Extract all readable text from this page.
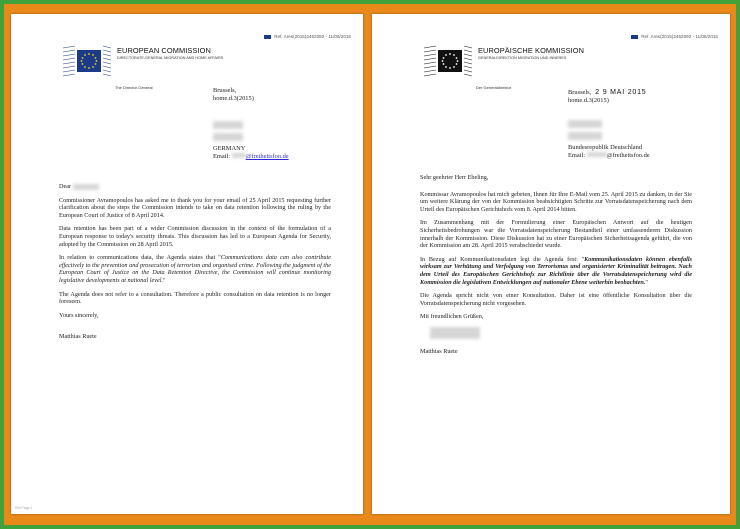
Ref. Ares(2015)2452092 - 11/06/2015
EUROPEAN COMMISSION
DIRECTORATE-GENERAL MIGRATION AND HOME AFFAIRS
The Director-General	Brussels,
home.d.3(2015)

GERMANY
Email: @freiheitsfoo.de

Dear

Commissioner Avramopoulos has asked me to thank you for your email of 25 April 2015 requesting further clarification about the steps the Commission intends to take on data retention following the ruling by the European Court of Justice of 8 April 2014.

Data retention has been part of a wider Commission discussion in the context of the formulation of a European response to today's security threats. This discussion has led to a European Agenda for Security, adopted by the Commission on 28 April 2015.

In relation to communications data, the Agenda states that "Communications data can also contribute effectively to the prevention and prosecution of terrorism and organised crime. Following the judgment of the European Court of Justice on the Data Retention Directive, the Commission will continue monitoring legislative developments at national level."

The Agenda does not refer to a consultation. Therefore a public consultation on data retention is no longer foreseen.

Yours sincerely,

Matthias Ruete

Ref.Page 1
Ref. Ares(2015)2452092 - 11/06/2015
EUROPÄISCHE KOMMISSION
GENERALDIREKTION MIGRATION UND INNERES
Der Generaldirektor
Brussels, 2 9 MAI 2015
home.d.3(2015)

Bundesrepublik Deutschland
Email:	@freiheitsfoo.de

Sehr geehrter Herr Ebeling,

Kommissar Avramopoulos hat mich gebeten, Ihnen für Ihre E-Mail vom 25. April 2015 zu danken, in der Sie um weitere Klärung der von der Kommission beabsichtigten Schritte zur Vorratsdatenspeicherung nach dem Urteil des Europäischen Gerichtshofs vom 8. April 2014 bitten.

Im Zusammenhang mit der Formulierung einer Europäischen Antwort auf die heutigen Sicherheitsbedrohungen war die Vorratsdatenspeicherung Bestandteil einer umfassenderen Diskussion innerhalb der Kommission. Diese Diskussion hat zu einer Europäischen Sicherheitsagenda geführt, die von der Kommission am 28. April 2015 verabschiedet wurde.

In Bezug auf Kommunikationsdaten legt die Agenda fest: "Kommunikationsdaten können ebenfalls wirksam zur Verhütung und Verfolgung von Terrorismus und organisierter Kriminalität beitragen. Nach dem Urteil des Europäischen Gerichtshofs zur Richtlinie über die Vorratsdatenspeicherung wird die Kommission die legislativen Entwicklungen auf nationaler Ebene weiterhin beobachten."

Die Agenda spricht nicht von einer Konsultation. Daher ist eine öffentliche Konsultation über die Vorratsdatenspeicherung nicht vorgesehen.

Mit freundlichen Grüßen,

Matthias Ruete
